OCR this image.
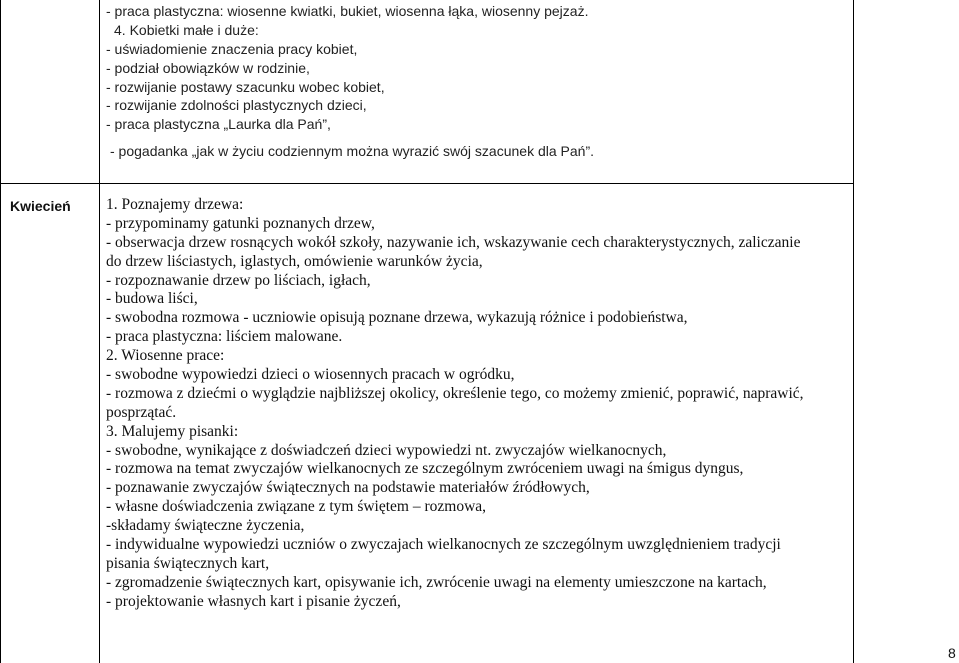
- praca plastyczna: wiosenne kwiatki, bukiet, wiosenna łąka, wiosenny pejzaż.
4. Kobietki małe i duże:
- uświadomienie znaczenia pracy kobiet,
- podział obowiązków w rodzinie,
- rozwijanie postawy szacunku wobec kobiet,
- rozwijanie zdolności plastycznych dzieci,
- praca plastyczna „Laurka dla Pań”,
- pogadanka „jak w życiu codziennym można wyrazić swój szacunek dla Pań”.
Kwiecień 1. Poznajemy drzewa:
- przypominamy gatunki poznanych drzew,
- obserwacja drzew rosnących wokół szkoły, nazywanie ich, wskazywanie cech charakterystycznych, zaliczanie
do drzew liściastych, iglastych, omówienie warunków życia,
- rozpoznawanie drzew po liściach, igłach,
- budowa liści,
- swobodna rozmowa - uczniowie opisują poznane drzewa, wykazują różnice i podobieństwa,
- praca plastyczna: liściem malowane.
2. Wiosenne prace:
- swobodne wypowiedzi dzieci o wiosennych pracach w ogródku,
- rozmowa z dziećmi o wyglądzie najbliższej okolicy, określenie tego, co możemy zmienić, poprawić, naprawić,
posprzątać.
3. Malujemy pisanki:
- swobodne, wynikające z doświadczeń dzieci wypowiedzi nt. zwyczajów wielkanocnych,
- rozmowa na temat zwyczajów wielkanocnych ze szczególnym zwróceniem uwagi na śmigus dyngus,
- poznawanie zwyczajów świątecznych na podstawie materiałów źródłowych,
- własne doświadczenia związane z tym świętem – rozmowa,
-składamy świąteczne życzenia,
- indywidualne wypowiedzi uczniów o zwyczajach wielkanocnych ze szczególnym uwzględnieniem tradycji
pisania świątecznych kart,
- zgromadzenie świątecznych kart, opisywanie ich, zwrócenie uwagi na elementy umieszczone na kartach,
- projektowanie własnych kart i pisanie życzeń,
8
